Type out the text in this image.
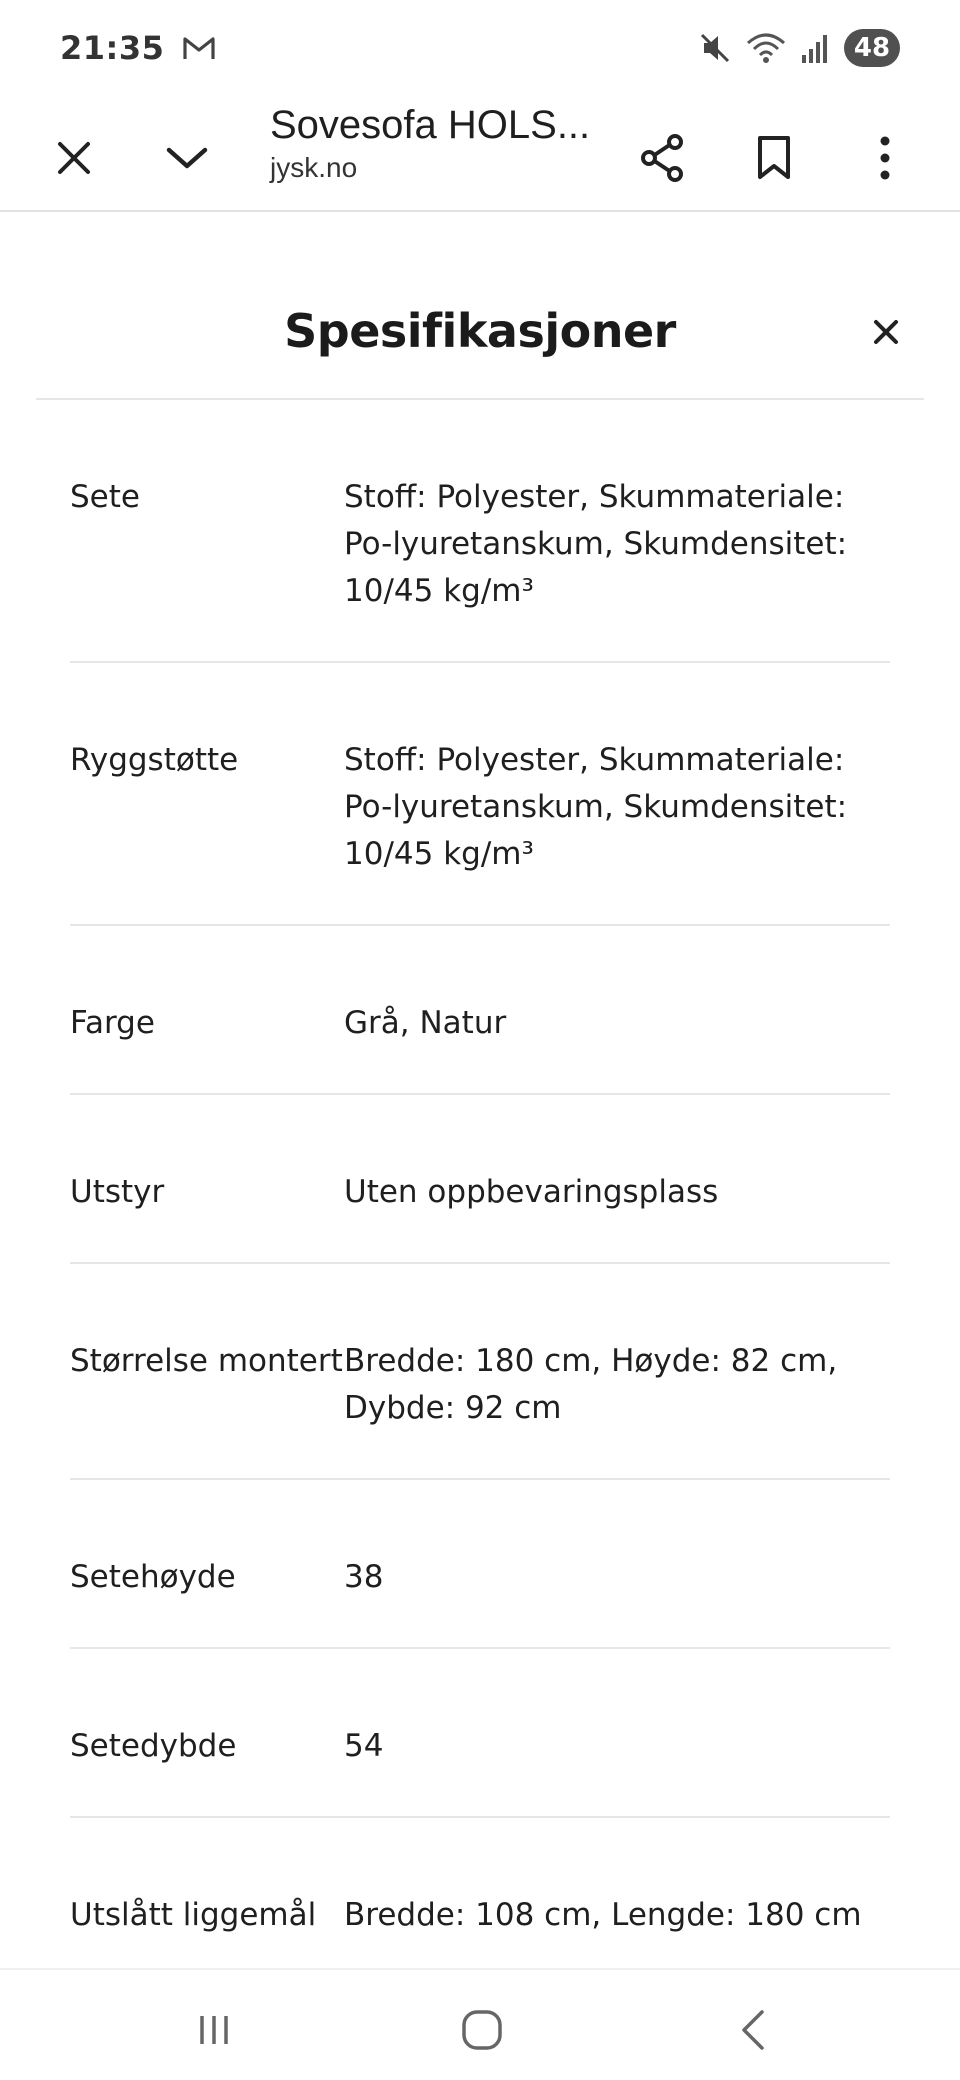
21:35	48
Sovesofa HOLS...
jysk.no
Spesifikasjoner
Sete	Stoff: Polyester, Skummateriale: Po-lyuretanskum, Skumdensitet: 10/45 kg/m³
Ryggstøtte	Stoff: Polyester, Skummateriale: Po-lyuretanskum, Skumdensitet: 10/45 kg/m³
Farge	Grå, Natur
Utstyr	Uten oppbevaringsplass
Størrelse montert Bredde: 180 cm, Høyde: 82 cm, Dybde: 92 cm
Setehøyde	38
Setedybde	54
Utslått liggemål Bredde: 108 cm, Lengde: 180 cm
